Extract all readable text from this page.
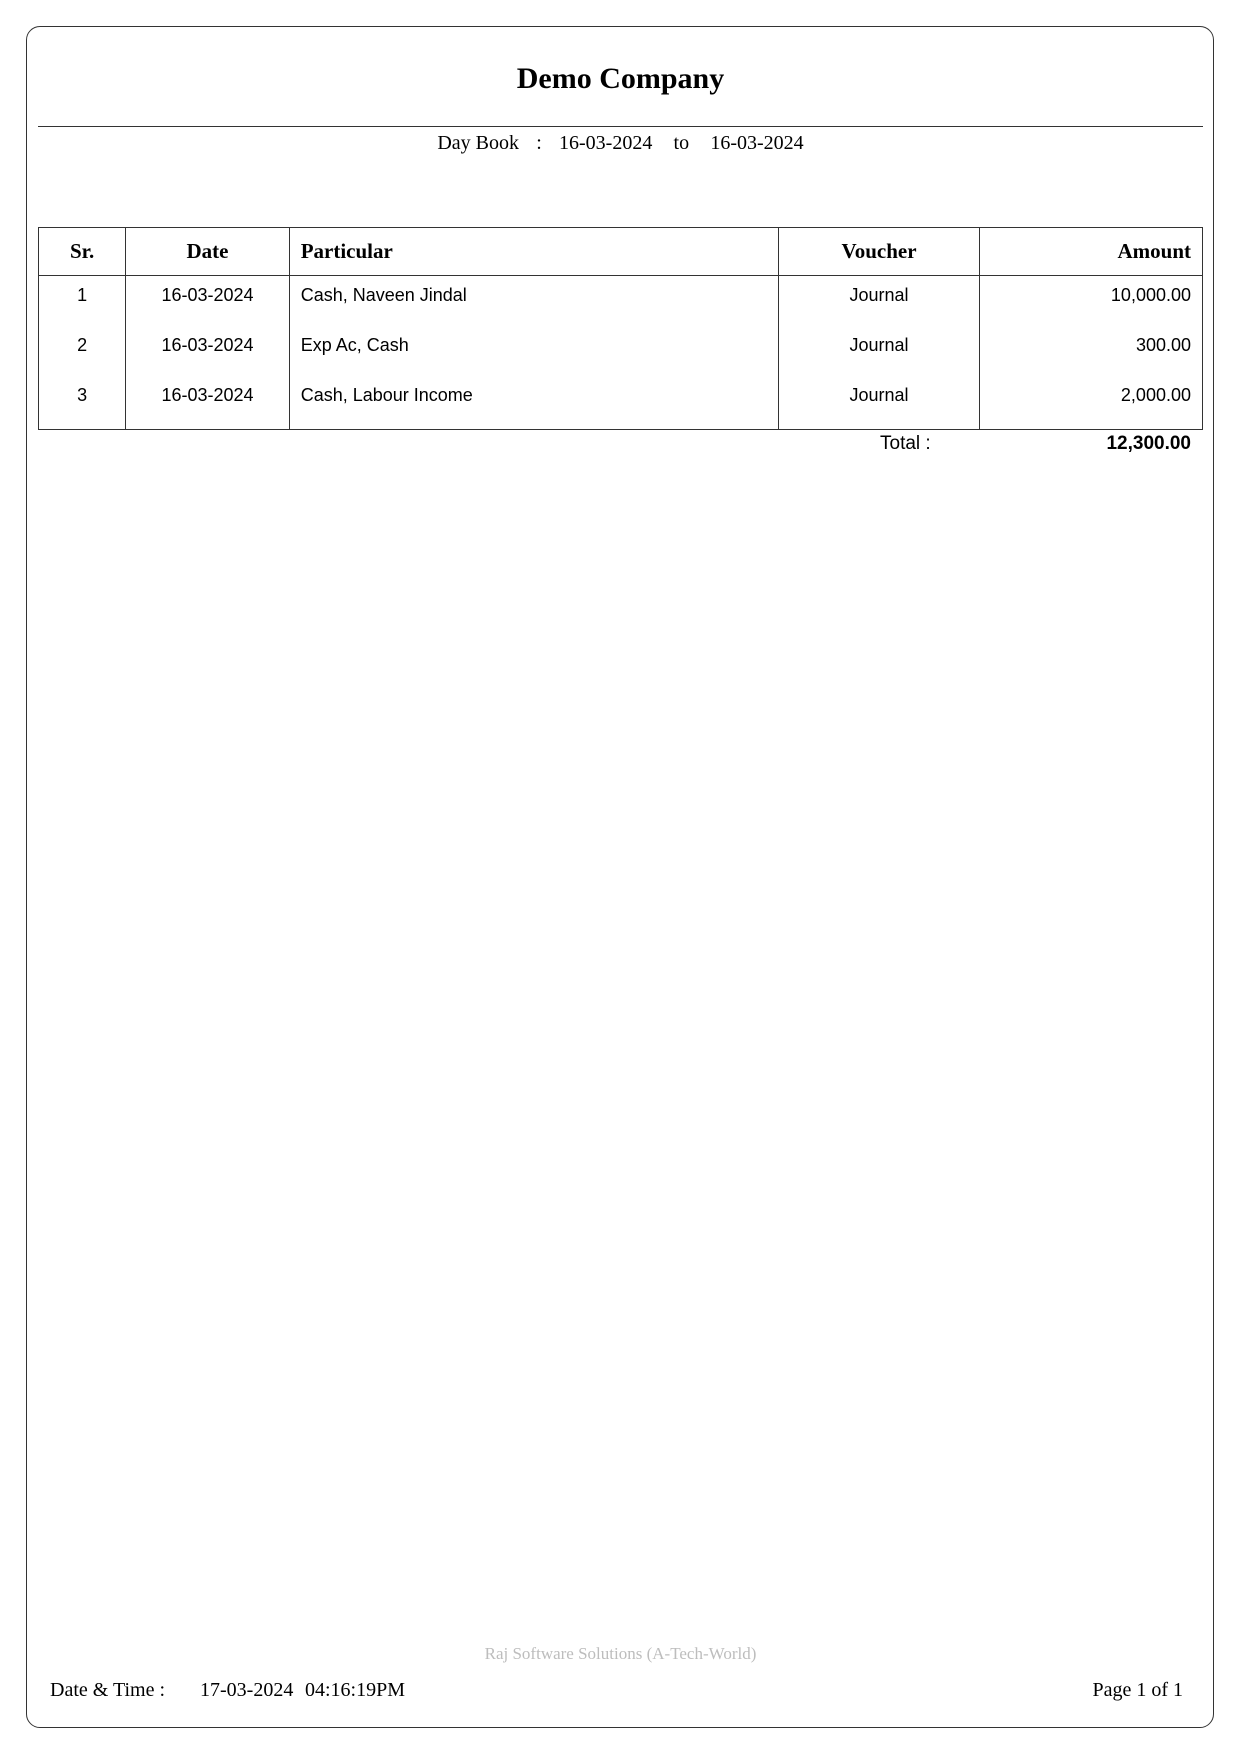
Demo Company
Day Book : 16-03-2024 to 16-03-2024
Sr.	Date	Particular	Voucher	Amount
1	16-03-2024	Cash, Naveen Jindal	Journal	10,000.00
2	16-03-2024	Exp Ac, Cash	Journal	300.00
3	16-03-2024	Cash, Labour Income	Journal	2,000.00
Total :	12,300.00
Raj Software Solutions (A-Tech-World)
Date & Time : 17-03-2024 04:16:19PM	Page 1 of 1
